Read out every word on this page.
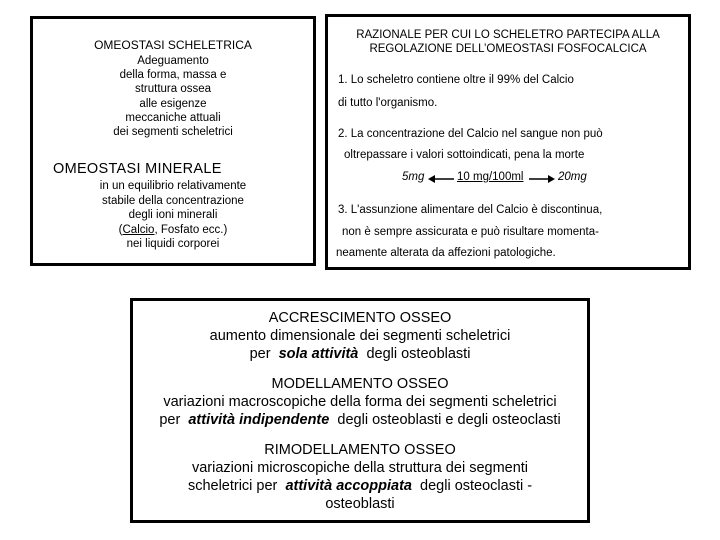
OMEOSTASI SCHELETRICA
Adeguamento
della forma, massa e
struttura ossea
alle esigenze
meccaniche attuali
dei segmenti scheletrici
OMEOSTASI MINERALE
in un equilibrio relativamente
stabile della concentrazione
degli ioni minerali
(Calcio, Fosfato ecc.)
nei liquidi corporei
RAZIONALE PER CUI LO SCHELETRO PARTECIPA ALLA
REGOLAZIONE DELL’OMEOSTASI FOSFOCALCICA
1. Lo scheletro contiene oltre il 99% del Calcio
di tutto l'organismo.
2. La concentrazione del Calcio nel sangue non può
oltrepassare i valori sottoindicati, pena la morte
5mg	10 mg/100ml	20mg
3. L'assunzione alimentare del Calcio è discontinua,
non è sempre assicurata e può risultare momenta-
neamente alterata da affezioni patologiche.
ACCRESCIMENTO OSSEO
aumento dimensionale dei segmenti scheletrici
per sola attività degli osteoblasti
MODELLAMENTO OSSEO
variazioni macroscopiche della forma dei segmenti scheletrici
per attività indipendente degli osteoblasti e degli osteoclasti
RIMODELLAMENTO OSSEO
variazioni microscopiche della struttura dei segmenti
scheletrici per attività accoppiata degli osteoclasti -
osteoblasti
